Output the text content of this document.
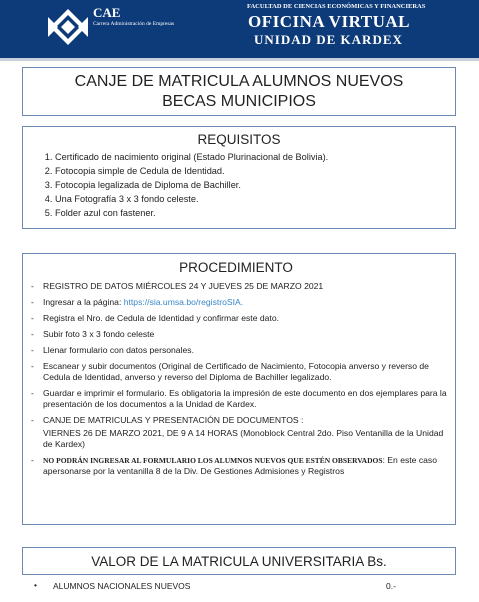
CAE
Carrera Administración de Empresas
FACULTAD DE CIENCIAS ECONÓMICAS Y FINANCIERAS
OFICINA VIRTUAL
UNIDAD DE KARDEX
CANJE DE MATRICULA ALUMNOS NUEVOS
BECAS MUNICIPIOS
REQUISITOS
1. Certificado de nacimiento original (Estado Plurinacional de Bolivia).
2. Fotocopia simple de Cedula de Identidad.
3. Fotocopia legalizada de Diploma de Bachiller.
4. Una Fotografía 3 x 3 fondo celeste.
5. Folder azul con fastener.
PROCEDIMIENTO
- REGISTRO DE DATOS MIÉRCOLES 24 Y JUEVES 25 DE MARZO 2021
- Ingresar a la página: https://sia.umsa.bo/registroSIA.
- Registra el Nro. de Cedula de Identidad y confirmar este dato.
- Subir foto 3 x 3 fondo celeste
- Llenar formulario con datos personales.
- Escanear y subir documentos (Original de Certificado de Nacimiento, Fotocopia anverso y reverso de Cedula de Identidad, anverso y reverso del Diploma de Bachiller legalizado.
- Guardar e imprimir el formulario. Es obligatoria la impresión de este documento en dos ejemplares para la presentación de los documentos a la Unidad de Kardex.
- CANJE DE MATRICULAS Y PRESENTACIÓN DE DOCUMENTOS :
VIERNES 26 DE MARZO 2021, DE 9 A 14 HORAS (Monoblock Central 2do. Piso Ventanilla de la Unidad de Kardex)
- NO PODRÁN INGRESAR AL FORMULARIO LOS ALUMNOS NUEVOS QUE ESTÉN OBSERVADOS: En este caso apersonarse por la ventanilla 8 de la Div. De Gestiones Admisiones y Registros
VALOR DE LA MATRICULA UNIVERSITARIA Bs.
• ALUMNOS NACIONALES NUEVOS	0.-
